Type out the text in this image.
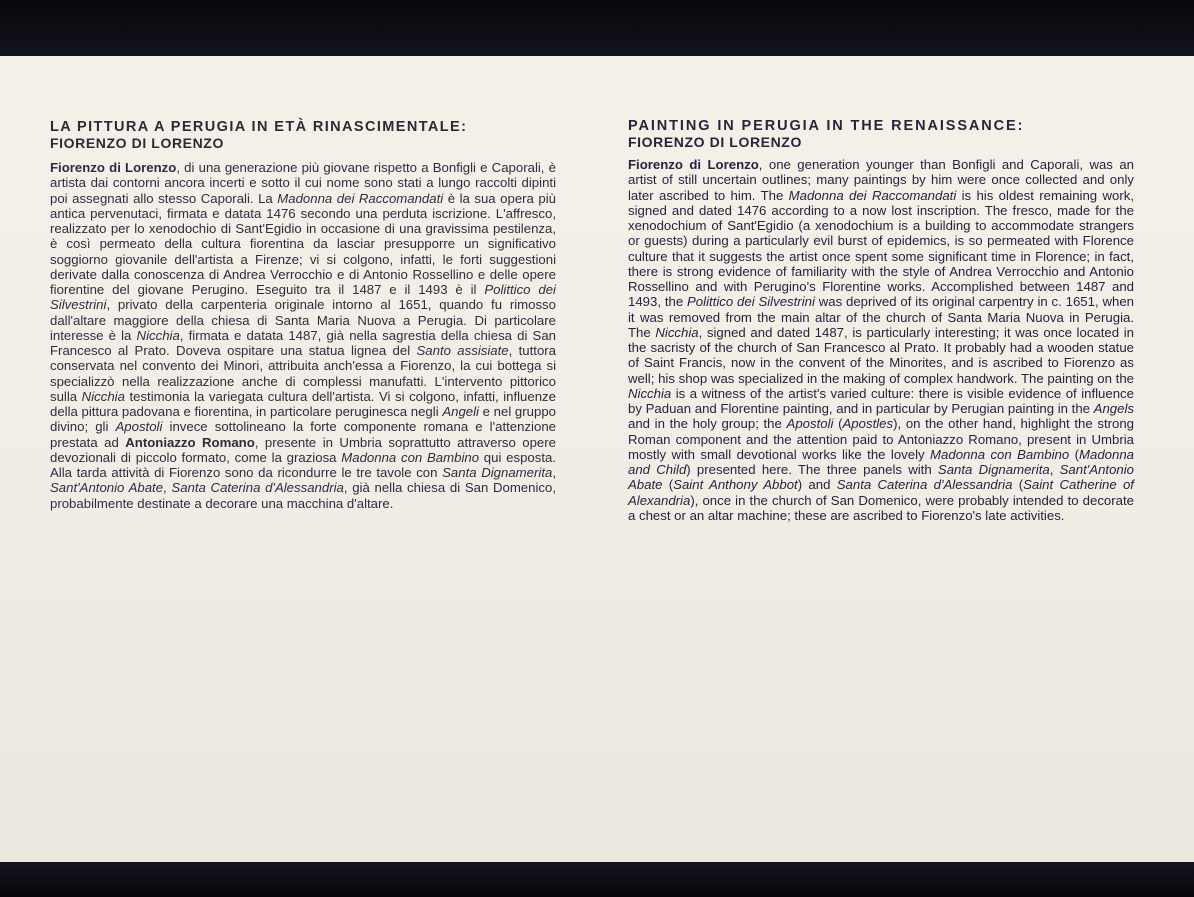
LA PITTURA A PERUGIA IN ETÀ RINASCIMENTALE:
FIORENZO DI LORENZO

Fiorenzo di Lorenzo, di una generazione più giovane rispetto a Bonfigli e Caporali, è artista dai contorni ancora incerti e sotto il cui nome sono stati a lungo raccolti dipinti poi assegnati allo stesso Caporali. La Madonna dei Raccomandati è la sua opera più antica pervenutaci, firmata e datata 1476 secondo una perduta iscrizione. L'affresco, realizzato per lo xenodochio di Sant'Egidio in occasione di una gravissima pestilenza, è così permeato della cultura fiorentina da lasciar presupporre un significativo soggiorno giovanile dell'artista a Firenze; vi si colgono, infatti, le forti suggestioni derivate dalla conoscenza di Andrea Verrocchio e di Antonio Rossellino e delle opere fiorentine del giovane Perugino. Eseguito tra il 1487 e il 1493 è il Polittico dei Silvestrini, privato della carpenteria originale intorno al 1651, quando fu rimosso dall'altare maggiore della chiesa di Santa Maria Nuova a Perugia. Di particolare interesse è la Nicchia, firmata e datata 1487, già nella sagrestia della chiesa di San Francesco al Prato. Doveva ospitare una statua lignea del Santo assisiate, tuttora conservata nel convento dei Minori, attribuita anch'essa a Fiorenzo, la cui bottega si specializzò nella realizzazione anche di complessi manufatti. L'intervento pittorico sulla Nicchia testimonia la variegata cultura dell'artista. Vi si colgono, infatti, influenze della pittura padovana e fiorentina, in particolare peruginesca negli Angeli e nel gruppo divino; gli Apostoli invece sottolineano la forte componente romana e l'attenzione prestata ad Antoniazzo Romano, presente in Umbria soprattutto attraverso opere devozionali di piccolo formato, come la graziosa Madonna con Bambino qui esposta. Alla tarda attività di Fiorenzo sono da ricondurre le tre tavole con Santa Dignamerita, Sant'Antonio Abate, Santa Caterina d'Alessandria, già nella chiesa di San Domenico, probabilmente destinate a decorare una macchina d'altare.

PAINTING IN PERUGIA IN THE RENAISSANCE:
FIORENZO DI LORENZO

Fiorenzo di Lorenzo, one generation younger than Bonfigli and Caporali, was an artist of still uncertain outlines; many paintings by him were once collected and only later ascribed to him. The Madonna dei Raccomandati is his oldest remaining work, signed and dated 1476 according to a now lost inscription. The fresco, made for the xenodochium of Sant'Egidio (a xenodochium is a building to accommodate strangers or guests) during a particularly evil burst of epidemics, is so permeated with Florence culture that it suggests the artist once spent some significant time in Florence; in fact, there is strong evidence of familiarity with the style of Andrea Verrocchio and Antonio Rossellino and with Perugino's Florentine works. Accomplished between 1487 and 1493, the Polittico dei Silvestrini was deprived of its original carpentry in c. 1651, when it was removed from the main altar of the church of Santa Maria Nuova in Perugia. The Nicchia, signed and dated 1487, is particularly interesting; it was once located in the sacristy of the church of San Francesco al Prato. It probably had a wooden statue of Saint Francis, now in the convent of the Minorites, and is ascribed to Fiorenzo as well; his shop was specialized in the making of complex handwork. The painting on the Nicchia is a witness of the artist's varied culture: there is visible evidence of influence by Paduan and Florentine painting, and in particular by Perugian painting in the Angels and in the holy group; the Apostoli (Apostles), on the other hand, highlight the strong Roman component and the attention paid to Antoniazzo Romano, present in Umbria mostly with small devotional works like the lovely Madonna con Bambino (Madonna and Child) presented here. The three panels with Santa Dignamerita, Sant'Antonio Abate (Saint Anthony Abbot) and Santa Caterina d'Alessandria (Saint Catherine of Alexandria), once in the church of San Domenico, were probably intended to decorate a chest or an altar machine; these are ascribed to Fiorenzo's late activities.
